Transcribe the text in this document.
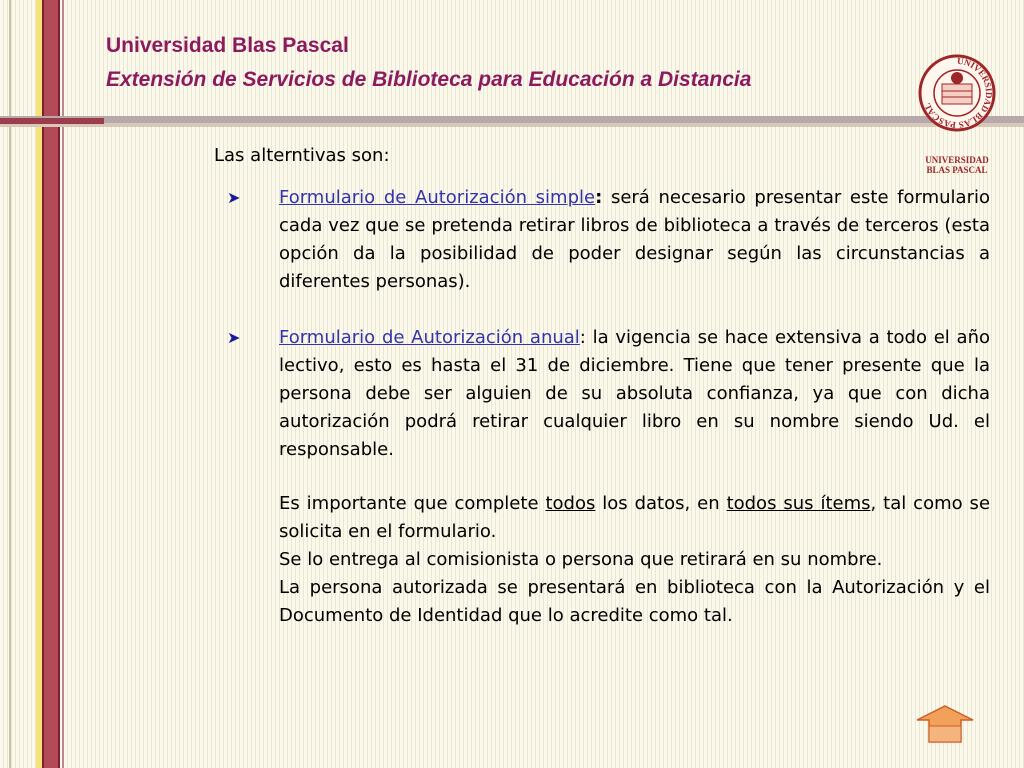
Universidad Blas Pascal
Extensión de Servicios de Biblioteca para Educación a Distancia
UNIVERSIDAD BLAS PASCAL
UNIVERSIDAD
BLAS PASCAL

Las alterntivas son:

➤ Formulario de Autorización simple: será necesario presentar este formulario cada vez que se pretenda retirar libros de biblioteca a través de terceros (esta opción da la posibilidad de poder designar según las circunstancias a diferentes personas).

➤ Formulario de Autorización anual: la vigencia se hace extensiva a todo el año lectivo, esto es hasta el 31 de diciembre. Tiene que tener presente que la persona debe ser alguien de su absoluta confianza, ya que con dicha autorización podrá retirar cualquier libro en su nombre siendo Ud. el responsable.

Es importante que complete todos los datos, en todos sus ítems, tal como se solicita en el formulario.

Se lo entrega al comisionista o persona que retirará en su nombre.

La persona autorizada se presentará en biblioteca con la Autorización y el Documento de Identidad que lo acredite como tal.
